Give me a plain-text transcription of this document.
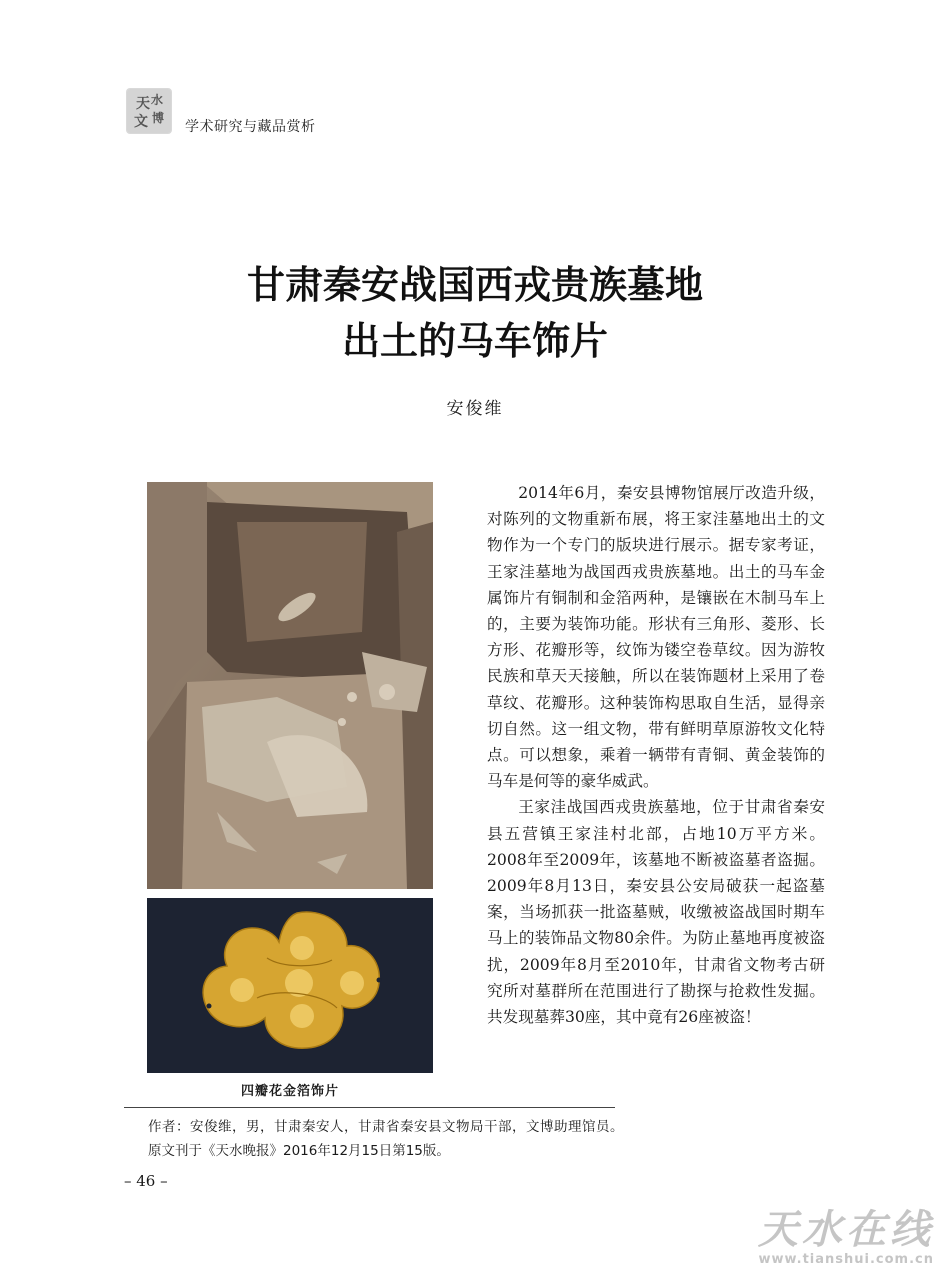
天 水
文 博
学术研究与藏品赏析
甘肃秦安战国西戎贵族墓地
出土的马车饰片
安俊维
四瓣花金箔饰片

2014年6月，秦安县博物馆展厅改造升级，对陈列的文物重新布展，将王家洼墓地出土的文物作为一个专门的版块进行展示。据专家考证，王家洼墓地为战国西戎贵族墓地。出土的马车金属饰片有铜制和金箔两种，是镶嵌在木制马车上的，主要为装饰功能。形状有三角形、菱形、长方形、花瓣形等，纹饰为镂空卷草纹。因为游牧民族和草天天接触，所以在装饰题材上采用了卷草纹、花瓣形。这种装饰构思取自生活，显得亲切自然。这一组文物，带有鲜明草原游牧文化特点。可以想象，乘着一辆带有青铜、黄金装饰的马车是何等的豪华威武。

王家洼战国西戎贵族墓地，位于甘肃省秦安县五营镇王家洼村北部，占地10万平方米。2008年至2009年，该墓地不断被盗墓者盗掘。2009年8月13日，秦安县公安局破获一起盗墓案，当场抓获一批盗墓贼，收缴被盗战国时期车马上的装饰品文物80余件。为防止墓地再度被盗扰，2009年8月至2010年，甘肃省文物考古研究所对墓群所在范围进行了勘探与抢救性发掘。共发现墓葬30座，其中竟有26座被盗！

作者：安俊维，男，甘肃秦安人，甘肃省秦安县文物局干部，文博助理馆员。
原文刊于《天水晚报》2016年12月15日第15版。
– 46 –
天水在线
www.tianshui.com.cn
